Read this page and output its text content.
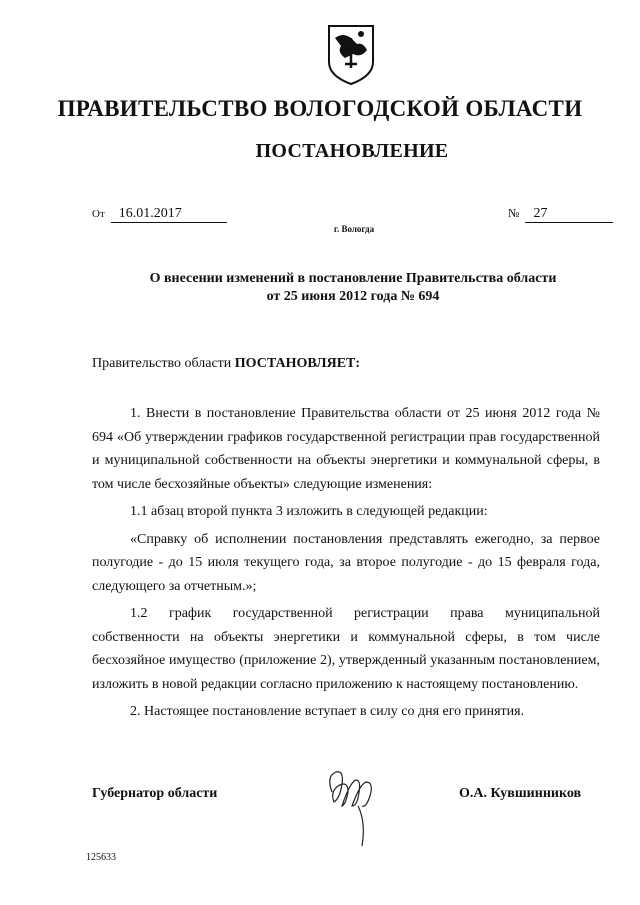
ПРАВИТЕЛЬСТВО ВОЛОГОДСКОЙ ОБЛАСТИ
ПОСТАНОВЛЕНИЕ
От 16.01.2017	№ 27
г. Вологда
О внесении изменений в постановление Правительства области
от 25 июня 2012 года № 694
Правительство области ПОСТАНОВЛЯЕТ:

1. Внести в постановление Правительства области от 25 июня 2012 года № 694 «Об утверждении графиков государственной регистрации прав государственной и муниципальной собственности на объекты энергетики и коммунальной сферы, в том числе бесхозяйные объекты» следующие изменения:

1.1 абзац второй пункта 3 изложить в следующей редакции:

«Справку об исполнении постановления представлять ежегодно, за первое полугодие - до 15 июля текущего года, за второе полугодие - до 15 февраля года, следующего за отчетным.»;

1.2 график государственной регистрации права муниципальной собственности на объекты энергетики и коммунальной сферы, в том числе бесхозяйное имущество (приложение 2), утвержденный указанным постановлением, изложить в новой редакции согласно приложению к настоящему постановлению.

2. Настоящее постановление вступает в силу со дня его принятия.

Губернатор области	О.А. Кувшинников
125633
